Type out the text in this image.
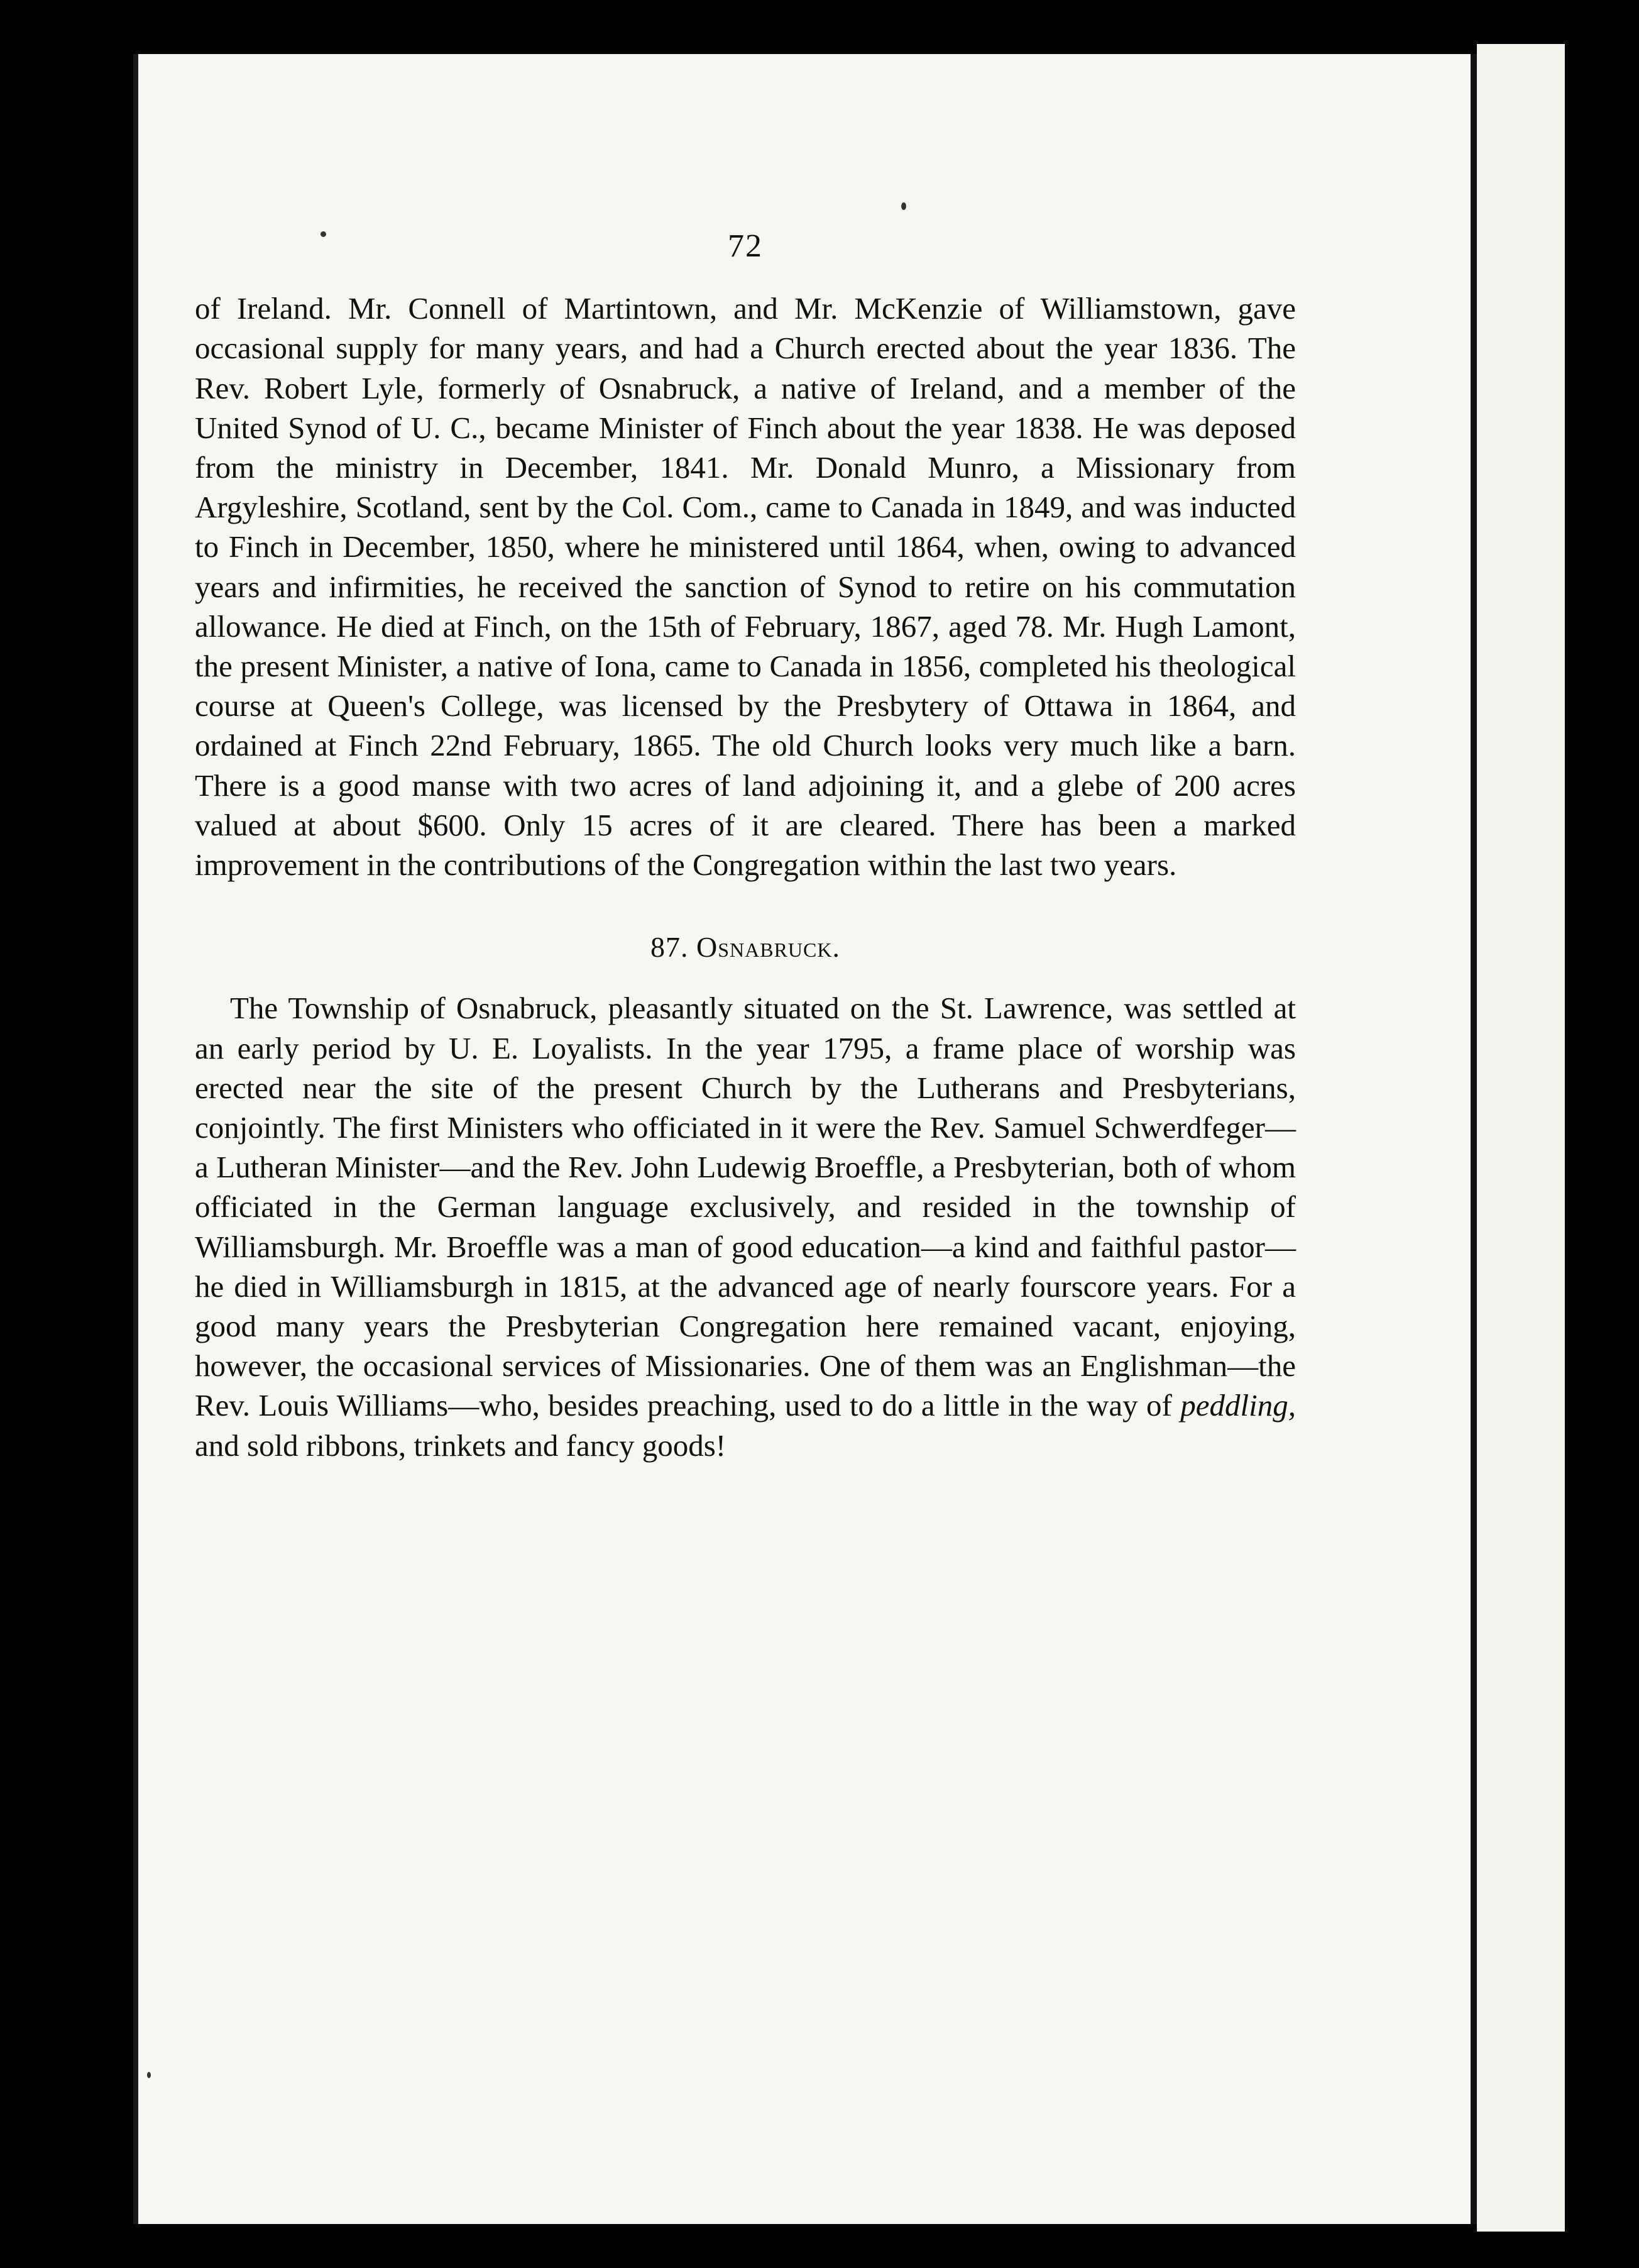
72

of Ireland. Mr. Connell of Martintown, and Mr. McKenzie of Williamstown, gave occasional supply for many years, and had a Church erected about the year 1836. The Rev. Robert Lyle, formerly of Osnabruck, a native of Ireland, and a member of the United Synod of U. C., became Minister of Finch about the year 1838. He was deposed from the ministry in December, 1841. Mr. Donald Munro, a Missionary from Argyleshire, Scotland, sent by the Col. Com., came to Canada in 1849, and was inducted to Finch in December, 1850, where he ministered until 1864, when, owing to advanced years and infirmities, he received the sanction of Synod to retire on his commutation allowance. He died at Finch, on the 15th of February, 1867, aged 78. Mr. Hugh Lamont, the present Minister, a native of Iona, came to Canada in 1856, completed his theological course at Queen's College, was licensed by the Presbytery of Ottawa in 1864, and ordained at Finch 22nd February, 1865. The old Church looks very much like a barn. There is a good manse with two acres of land adjoining it, and a glebe of 200 acres valued at about $600. Only 15 acres of it are cleared. There has been a marked improvement in the contributions of the Congregation within the last two years.

87. Osnabruck.

The Township of Osnabruck, pleasantly situated on the St. Lawrence, was settled at an early period by U. E. Loyalists. In the year 1795, a frame place of worship was erected near the site of the present Church by the Lutherans and Presbyterians, conjointly. The first Ministers who officiated in it were the Rev. Samuel Schwerdfeger—a Lutheran Minister—and the Rev. John Ludewig Broeffle, a Presbyterian, both of whom officiated in the German language exclusively, and resided in the township of Williamsburgh. Mr. Broeffle was a man of good education—a kind and faithful pastor—he died in Williamsburgh in 1815, at the advanced age of nearly fourscore years. For a good many years the Presbyterian Congregation here remained vacant, enjoying, however, the occasional services of Missionaries. One of them was an Englishman—the Rev. Louis Williams—who, besides preaching, used to do a little in the way of peddling, and sold ribbons, trinkets and fancy goods!
